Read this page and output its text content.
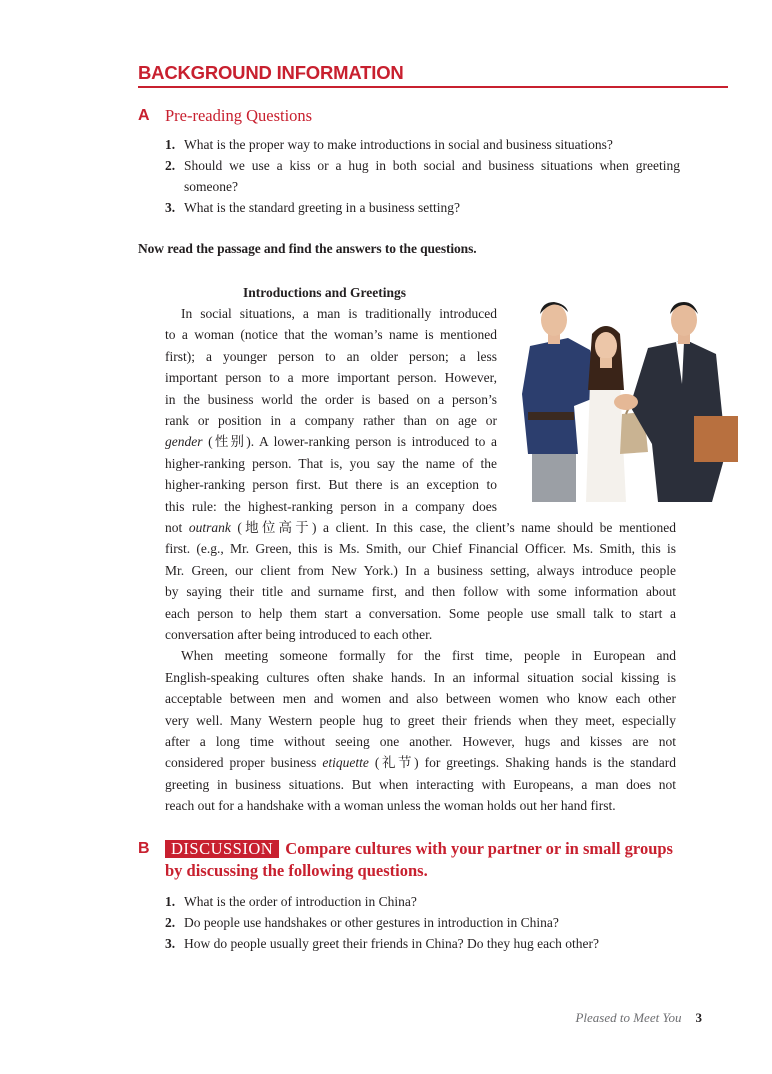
BACKGROUND INFORMATION
A Pre-reading Questions
1. What is the proper way to make introductions in social and business situations?
2. Should we use a kiss or a hug in both social and business situations when greeting
someone?
3. What is the standard greeting in a business setting?
Now read the passage and find the answers to the questions.
Introductions and Greetings
In social situations, a man is traditionally introduced
to a woman (notice that the woman’s name is mentioned
first); a younger person to an older person; a less
important person to a more important person. However,
in the business world the order is based on a person’s
rank or position in a company rather than on age or
gender (性别). A lower-ranking person is introduced to a
higher-ranking person. That is, you say the name of the
higher-ranking person first. But there is an exception to
this rule: the highest-ranking person in a company does
not outrank (地位高于) a client. In this case, the client’s name should be mentioned
first. (e.g., Mr. Green, this is Ms. Smith, our Chief Financial Officer. Ms. Smith, this is
Mr. Green, our client from New York.) In a business setting, always introduce people
by saying their title and surname first, and then follow with some information about
each person to help them start a conversation. Some people use small talk to start a
conversation after being introduced to each other.
When meeting someone formally for the first time, people in European and
English-speaking cultures often shake hands. In an informal situation social kissing is
acceptable between men and women and also between women who know each other
very well. Many Western people hug to greet their friends when they meet, especially
after a long time without seeing one another. However, hugs and kisses are not
considered proper business etiquette (礼节) for greetings. Shaking hands is the standard
greeting in business situations. But when interacting with Europeans, a man does not
reach out for a handshake with a woman unless the woman holds out her hand first.
B	DISCUSSION Compare cultures with your partner or in small groups by discussing the following questions.
1. What is the order of introduction in China?
2. Do people use handshakes or other gestures in introduction in China?
3. How do people usually greet their friends in China? Do they hug each other?
Pleased to Meet You 3
